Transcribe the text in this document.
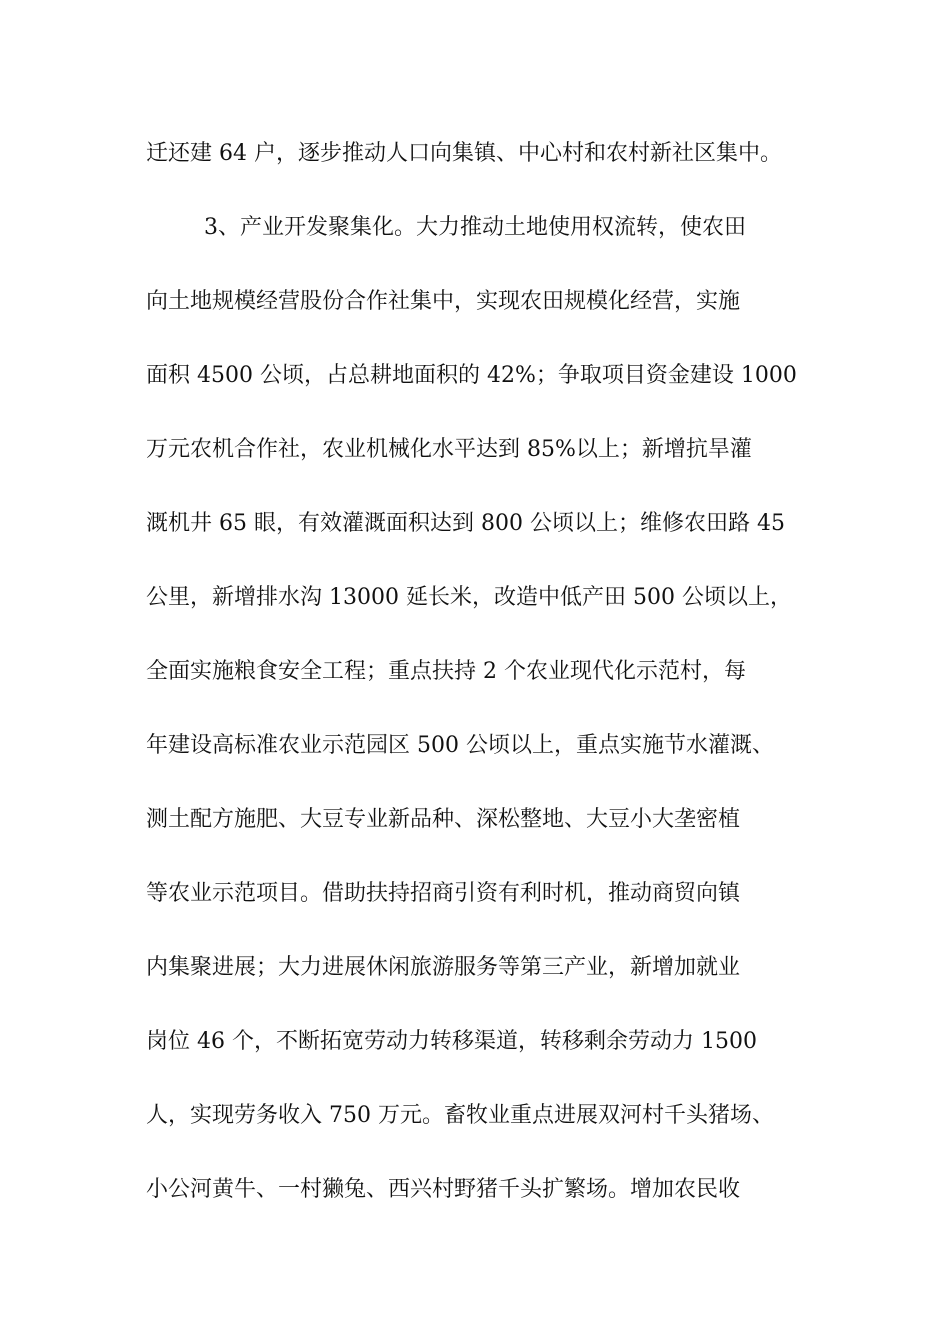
迁还建 64 户，逐步推动人口向集镇、中心村和农村新社区集中。
3、产业开发聚集化。大力推动土地使用权流转，使农田
向土地规模经营股份合作社集中，实现农田规模化经营，实施
面积 4500 公顷，占总耕地面积的 42%；争取项目资金建设 1000
万元农机合作社，农业机械化水平达到 85%以上；新增抗旱灌
溉机井 65 眼，有效灌溉面积达到 800 公顷以上；维修农田路 45
公里，新增排水沟 13000 延长米，改造中低产田 500 公顷以上，
全面实施粮食安全工程；重点扶持 2 个农业现代化示范村，每
年建设高标准农业示范园区 500 公顷以上，重点实施节水灌溉、
测土配方施肥、大豆专业新品种、深松整地、大豆小大垄密植
等农业示范项目。借助扶持招商引资有利时机，推动商贸向镇
内集聚进展；大力进展休闲旅游服务等第三产业，新增加就业
岗位 46 个，不断拓宽劳动力转移渠道，转移剩余劳动力 1500
人，实现劳务收入 750 万元。畜牧业重点进展双河村千头猪场、
小公河黄牛、一村獭兔、西兴村野猪千头扩繁场。增加农民收
